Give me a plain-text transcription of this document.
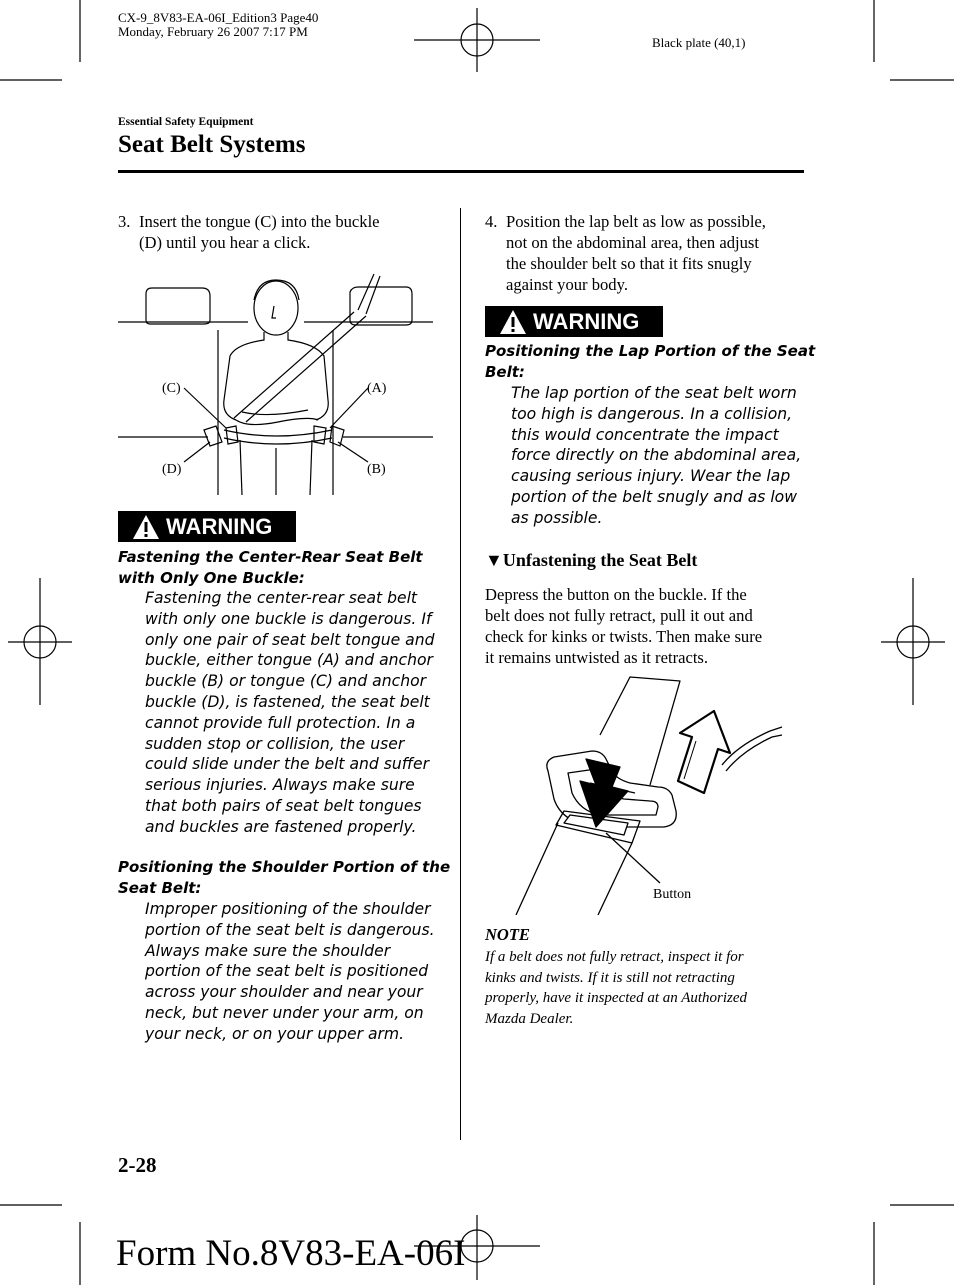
CX-9_8V83-EA-06I_Edition3 Page40
Monday, February 26 2007 7:17 PM
Black plate (40,1)
Essential Safety Equipment
Seat Belt Systems
3. Insert the tongue (C) into the buckle
(D) until you hear a click.
(C)	(A)
(D)	(B)
WARNING
Fastening the Center-Rear Seat Belt
with Only One Buckle:
Fastening the center-rear seat belt
with only one buckle is dangerous. If
only one pair of seat belt tongue and
buckle, either tongue (A) and anchor
buckle (B) or tongue (C) and anchor
buckle (D), is fastened, the seat belt
cannot provide full protection. In a
sudden stop or collision, the user
could slide under the belt and suffer
serious injuries. Always make sure
that both pairs of seat belt tongues
and buckles are fastened properly.
Positioning the Shoulder Portion of the
Seat Belt:
Improper positioning of the shoulder
portion of the seat belt is dangerous.
Always make sure the shoulder
portion of the seat belt is positioned
across your shoulder and near your
neck, but never under your arm, on
your neck, or on your upper arm.
4. Position the lap belt as low as possible,
not on the abdominal area, then adjust
the shoulder belt so that it fits snugly
against your body.
WARNING
Positioning the Lap Portion of the Seat
Belt:
The lap portion of the seat belt worn
too high is dangerous. In a collision,
this would concentrate the impact
force directly on the abdominal area,
causing serious injury. Wear the lap
portion of the belt snugly and as low
as possible.
▼Unfastening the Seat Belt
Depress the button on the buckle. If the
belt does not fully retract, pull it out and
check for kinks or twists. Then make sure
it remains untwisted as it retracts.
Button
NOTE
If a belt does not fully retract, inspect it for
kinks and twists. If it is still not retracting
properly, have it inspected at an Authorized
Mazda Dealer.
2-28
Form No.8V83-EA-06I
